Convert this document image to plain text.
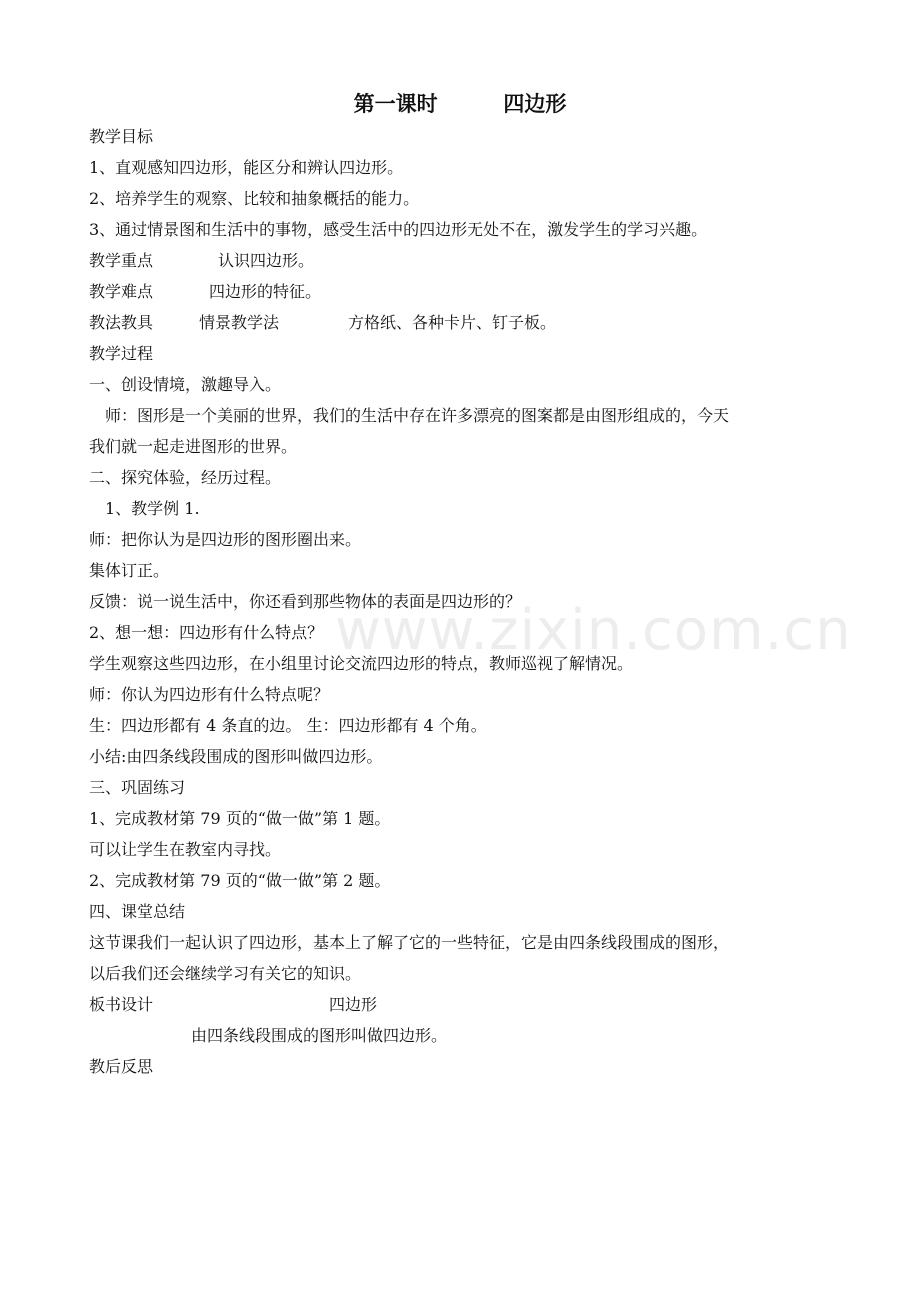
www.zixin.com.cn
第一课时         四边形
教学目标
1、直观感知四边形，能区分和辨认四边形。
2、培养学生的观察、比较和抽象概括的能力。
3、通过情景图和生活中的事物，感受生活中的四边形无处不在，激发学生的学习兴趣。
教学重点	认识四边形。
教学难点	四边形的特征。
教法教具	情景教学法	方格纸、各种卡片、钉子板。
教学过程
一、创设情境，激趣导入。
师：图形是一个美丽的世界，我们的生活中存在许多漂亮的图案都是由图形组成的，今天
我们就一起走进图形的世界。
二、探究体验，经历过程。
1、教学例 1.
师：把你认为是四边形的图形圈出来。
集体订正。
反馈：说一说生活中，你还看到那些物体的表面是四边形的？
2、想一想：四边形有什么特点？
学生观察这些四边形，在小组里讨论交流四边形的特点，教师巡视了解情况。
师：你认为四边形有什么特点呢？
生：四边形都有 4 条直的边。 生：四边形都有 4 个角。
小结:由四条线段围成的图形叫做四边形。
三、巩固练习
1、完成教材第 79 页的“做一做”第 1 题。
可以让学生在教室内寻找。
2、完成教材第 79 页的“做一做”第 2 题。
四、课堂总结
这节课我们一起认识了四边形，基本上了解了它的一些特征，它是由四条线段围成的图形，
以后我们还会继续学习有关它的知识。
板书设计	四边形
由四条线段围成的图形叫做四边形。
教后反思
